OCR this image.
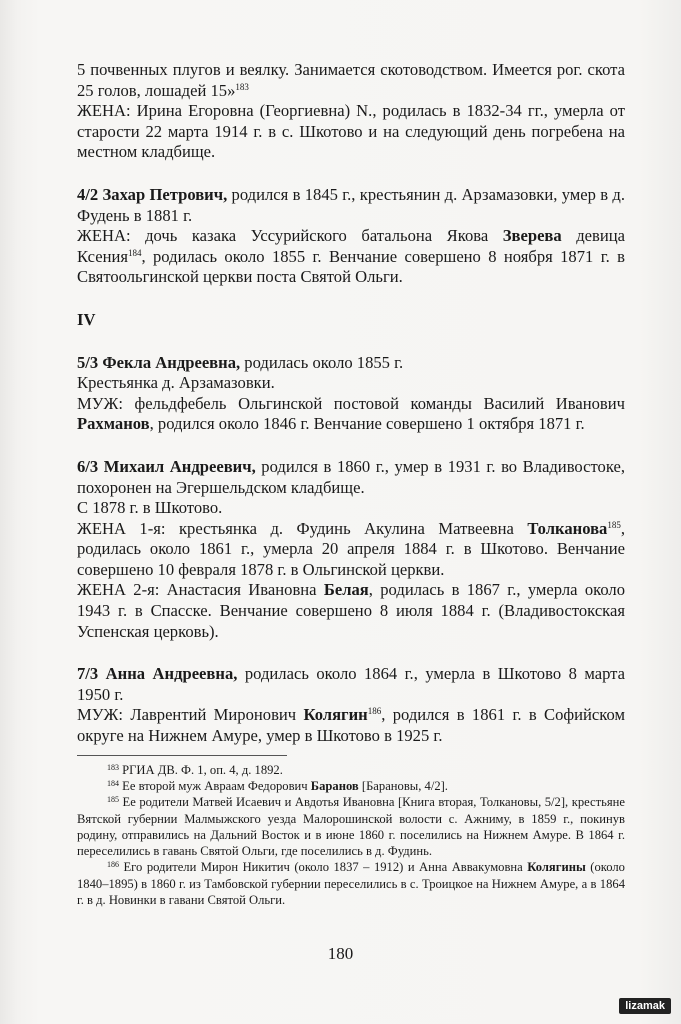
5 почвенных плугов и веялку. Занимается скотоводством. Имеется рог. скота 25 голов, лошадей 15»$^{183}$
ЖЕНА: Ирина Егоровна (Георгиевна) N., родилась в 1832-34 гг., умерла от старости 22 марта 1914 г. в с. Шкотово и на следующий день погребена на местном кладбище.

4/2 Захар Петрович, родился в 1845 г., крестьянин д. Арзамазовки, умер в д. Фудень в 1881 г.
ЖЕНА: дочь казака Уссурийского батальона Якова Зверева девица Ксения$^{184}$, родилась около 1855 г. Венчание совершено 8 ноября 1871 г. в Святоольгинской церкви поста Святой Ольги.

IV

5/3 Фекла Андреевна, родилась около 1855 г.
Крестьянка д. Арзамазовки.
МУЖ: фельдфебель Ольгинской постовой команды Василий Иванович Рахманов, родился около 1846 г. Венчание совершено 1 октября 1871 г.

6/3 Михаил Андреевич, родился в 1860 г., умер в 1931 г. во Владивостоке, похоронен на Эгершельдском кладбище.
С 1878 г. в Шкотово.
ЖЕНА 1-я: крестьянка д. Фудинь Акулина Матвеевна Толканова$^{185}$, родилась около 1861 г., умерла 20 апреля 1884 г. в Шкотово. Венчание совершено 10 февраля 1878 г. в Ольгинской церкви.
ЖЕНА 2-я: Анастасия Ивановна Белая, родилась в 1867 г., умерла около 1943 г. в Спасске. Венчание совершено 8 июля 1884 г. (Владивостокская Успенская церковь).

7/3 Анна Андреевна, родилась около 1864 г., умерла в Шкотово 8 марта 1950 г.
МУЖ: Лаврентий Миронович Колягин$^{186}$, родился в 1861 г. в Софийском округе на Нижнем Амуре, умер в Шкотово в 1925 г.

$^{183}$ РГИА ДВ. Ф. 1, оп. 4, д. 1892.

$^{184}$ Ее второй муж Авраам Федорович Баранов [Барановы, 4/2].

$^{185}$ Ее родители Матвей Исаевич и Авдотья Ивановна [Книга вторая, Толкановы, 5/2], крестьяне Вятской губернии Малмыжского уезда Малорошинской волости с. Ажниму, в 1859 г., покинув родину, отправились на Дальний Восток и в июне 1860 г. поселились на Нижнем Амуре. В 1864 г. переселились в гавань Святой Ольги, где поселились в д. Фудинь.

$^{186}$ Его родители Мирон Никитич (около 1837 – 1912) и Анна Аввакумовна Колягины (около 1840–1895) в 1860 г. из Тамбовской губернии переселились в с. Троицкое на Нижнем Амуре, а в 1864 г. в д. Новинки в гавани Святой Ольги.

180
lizamak
